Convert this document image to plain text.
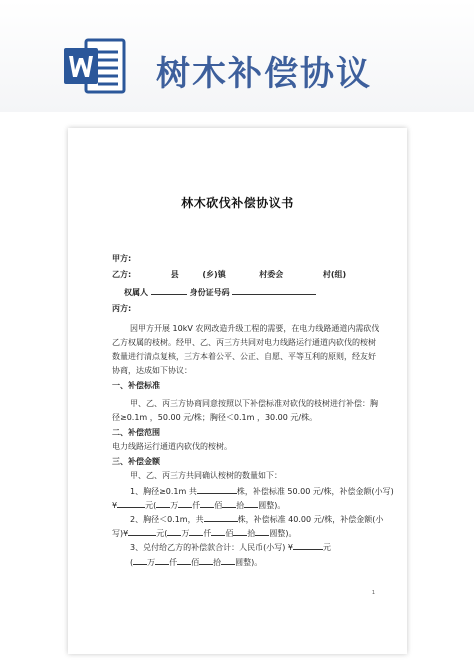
树木补偿协议
林木砍伐补偿协议书
甲方:
乙方:	县	(乡)镇	村委会	村(组)
权属人	身份证号码
丙方:
因甲方开展 10kV 农网改造升级工程的需要，在电力线路通道内需砍伐
乙方权属的枝树。经甲、乙、丙三方共同对电力线路运行通道内砍伐的桉树
数量进行清点复核，三方本着公平、公正、自愿、平等互利的原则，经友好
协商，达成如下协议：
一、补偿标准
甲、乙、丙三方协商同意按照以下补偿标准对砍伐的枝树进行补偿：胸
径≥0.1m ，50.00 元/株；胸径＜0.1m ，30.00 元/株。
二、补偿范围
电力线路运行通道内砍伐的桉树。
三、补偿金额
甲、乙、丙三方共同确认桉树的数量如下：
1、胸径≥0.1m 共	株，补偿标准 50.00 元/株，补偿金额(小写)
¥	元( 万 仟 佰 拾 圆整)。
2、胸径＜0.1m，共	株，补偿标准 40.00 元/株，补偿金额(小
写)¥	元( 万 仟 佰 拾 圆整)。
3、兑付给乙方的补偿款合计：人民币(小写) ¥	元
( 万 仟 佰 拾 圆整)。
1
